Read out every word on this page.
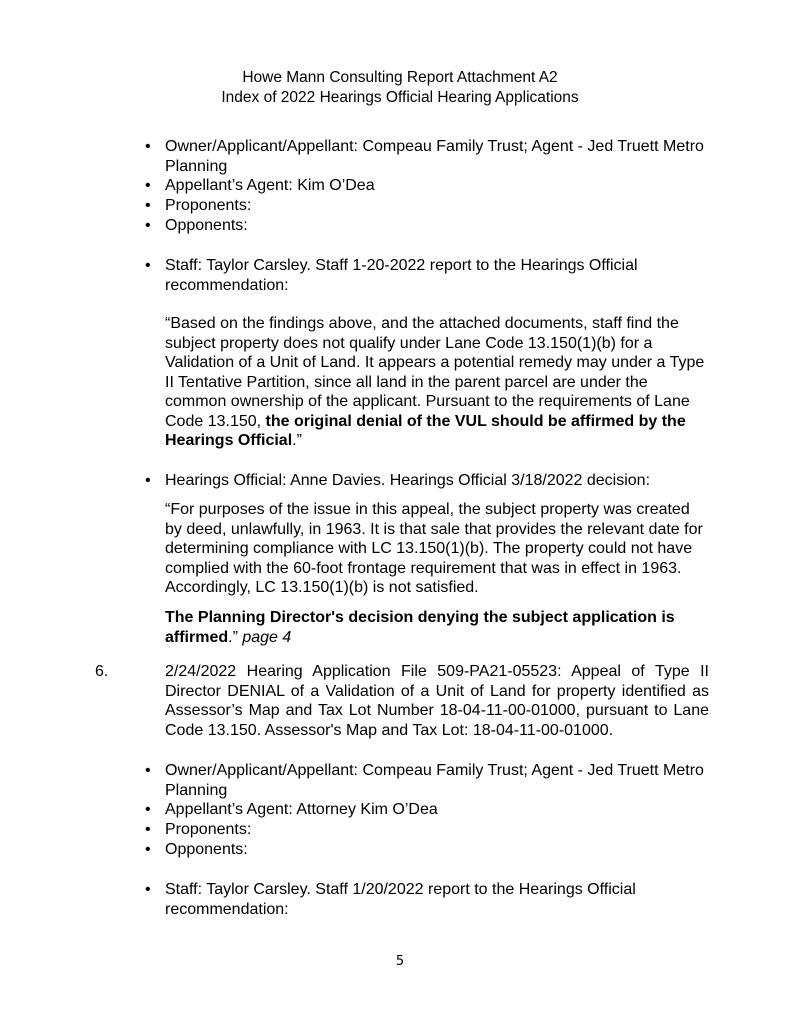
Howe Mann Consulting Report Attachment A2
Index of 2022 Hearings Official Hearing Applications
• Owner/Applicant/Appellant: Compeau Family Trust; Agent - Jed Truett Metro Planning
• Appellant’s Agent: Kim O’Dea
• Proponents:
• Opponents:
• Staff: Taylor Carsley. Staff 1-20-2022 report to the Hearings Official recommendation:
“Based on the findings above, and the attached documents, staff find the subject property does not qualify under Lane Code 13.150(1)(b) for a Validation of a Unit of Land. It appears a potential remedy may under a Type II Tentative Partition, since all land in the parent parcel are under the common ownership of the applicant. Pursuant to the requirements of Lane Code 13.150, the original denial of the VUL should be affirmed by the Hearings Official.”
• Hearings Official: Anne Davies. Hearings Official 3/18/2022 decision:
“For purposes of the issue in this appeal, the subject property was created by deed, unlawfully, in 1963. It is that sale that provides the relevant date for determining compliance with LC 13.150(1)(b). The property could not have complied with the 60-foot frontage requirement that was in effect in 1963. Accordingly, LC 13.150(1)(b) is not satisfied.
The Planning Director's decision denying the subject application is affirmed.” page 4
6.	2/24/2022 Hearing Application File 509-PA21-05523: Appeal of Type II Director DENIAL of a Validation of a Unit of Land for property identified as Assessor’s Map and Tax Lot Number 18-04-11-00-01000, pursuant to Lane Code 13.150. Assessor's Map and Tax Lot: 18-04-11-00-01000.
• Owner/Applicant/Appellant: Compeau Family Trust; Agent - Jed Truett Metro Planning
• Appellant’s Agent: Attorney Kim O’Dea
• Proponents:
• Opponents:
• Staff: Taylor Carsley. Staff 1/20/2022 report to the Hearings Official recommendation:
5
